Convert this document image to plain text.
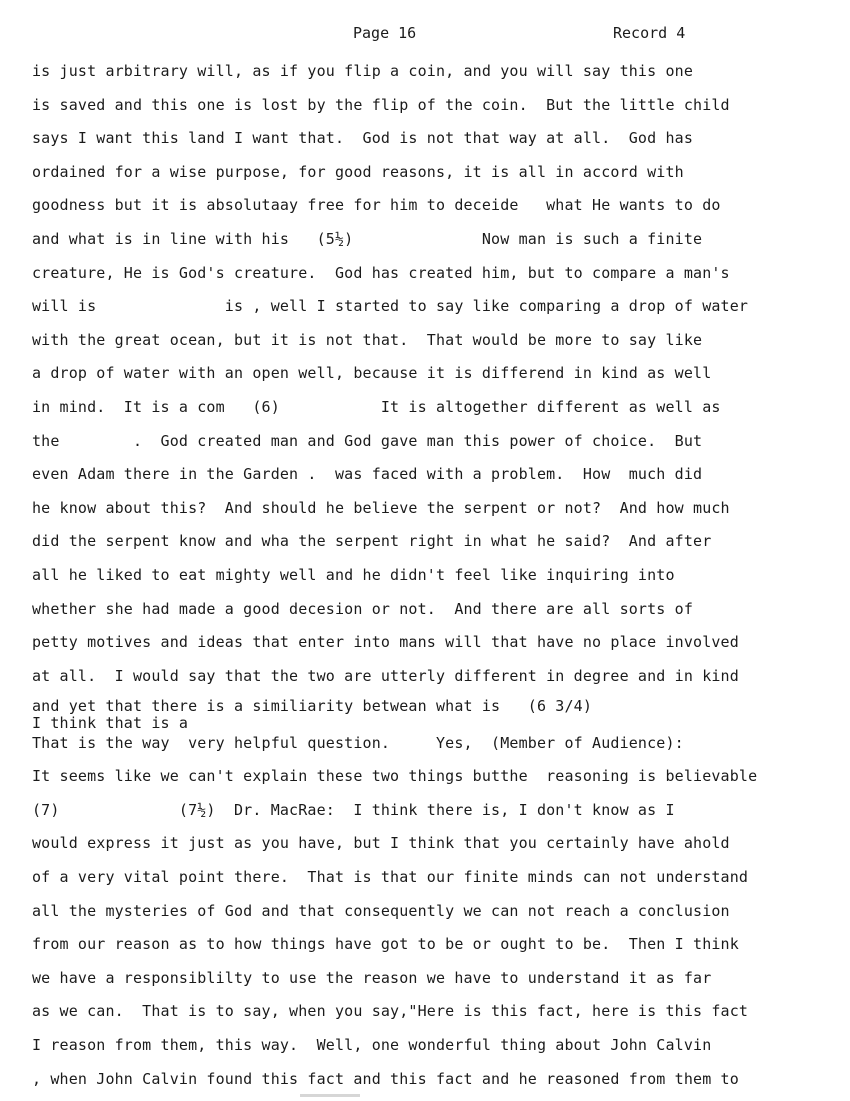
Page 16	Record 4
is just arbitrary will, as if you flip a coin, and you will say this one
is saved and this one is lost by the flip of the coin.  But the little child
says I want this land I want that.  God is not that way at all.  God has
ordained for a wise purpose, for good reasons, it is all in accord with
goodness but it is absolutaay free for him to deceide   what He wants to do
and what is in line with his   (5½)              Now man is such a finite
creature, He is God's creature.  God has created him, but to compare a man's
will is              is , well I started to say like comparing a drop of water
with the great ocean, but it is not that.  That would be more to say like
a drop of water with an open well, because it is differend in kind as well
in mind.  It is a com   (6)           It is altogether different as well as
the        .  God created man and God gave man this power of choice.  But
even Adam there in the Garden .  was faced with a problem.  How  much did
he know about this?  And should he believe the serpent or not?  And how much
did the serpent know and wha the serpent right in what he said?  And after
all he liked to eat mighty well and he didn't feel like inquiring into
whether she had made a good decesion or not.  And there are all sorts of
petty motives and ideas that enter into mans will that have no place involved
at all.  I would say that the two are utterly different in degree and in kind
and yet that there is a similiarity betwean what is   (6 3/4)
I think that is a
That is the way  very helpful question.     Yes,  (Member of Audience):
It seems like we can't explain these two things butthe  reasoning is believable
(7)             (7½)  Dr. MacRae:  I think there is, I don't know as I
would express it just as you have, but I think that you certainly have ahold
of a very vital point there.  That is that our finite minds can not understand
all the mysteries of God and that consequently we can not reach a conclusion
from our reason as to how things have got to be or ought to be.  Then I think
we have a responsiblilty to use the reason we have to understand it as far
as we can.  That is to say, when you say,"Here is this fact, here is this fact
I reason from them, this way.  Well, one wonderful thing about John Calvin
, when John Calvin found this fact and this fact and he reasoned from them to
